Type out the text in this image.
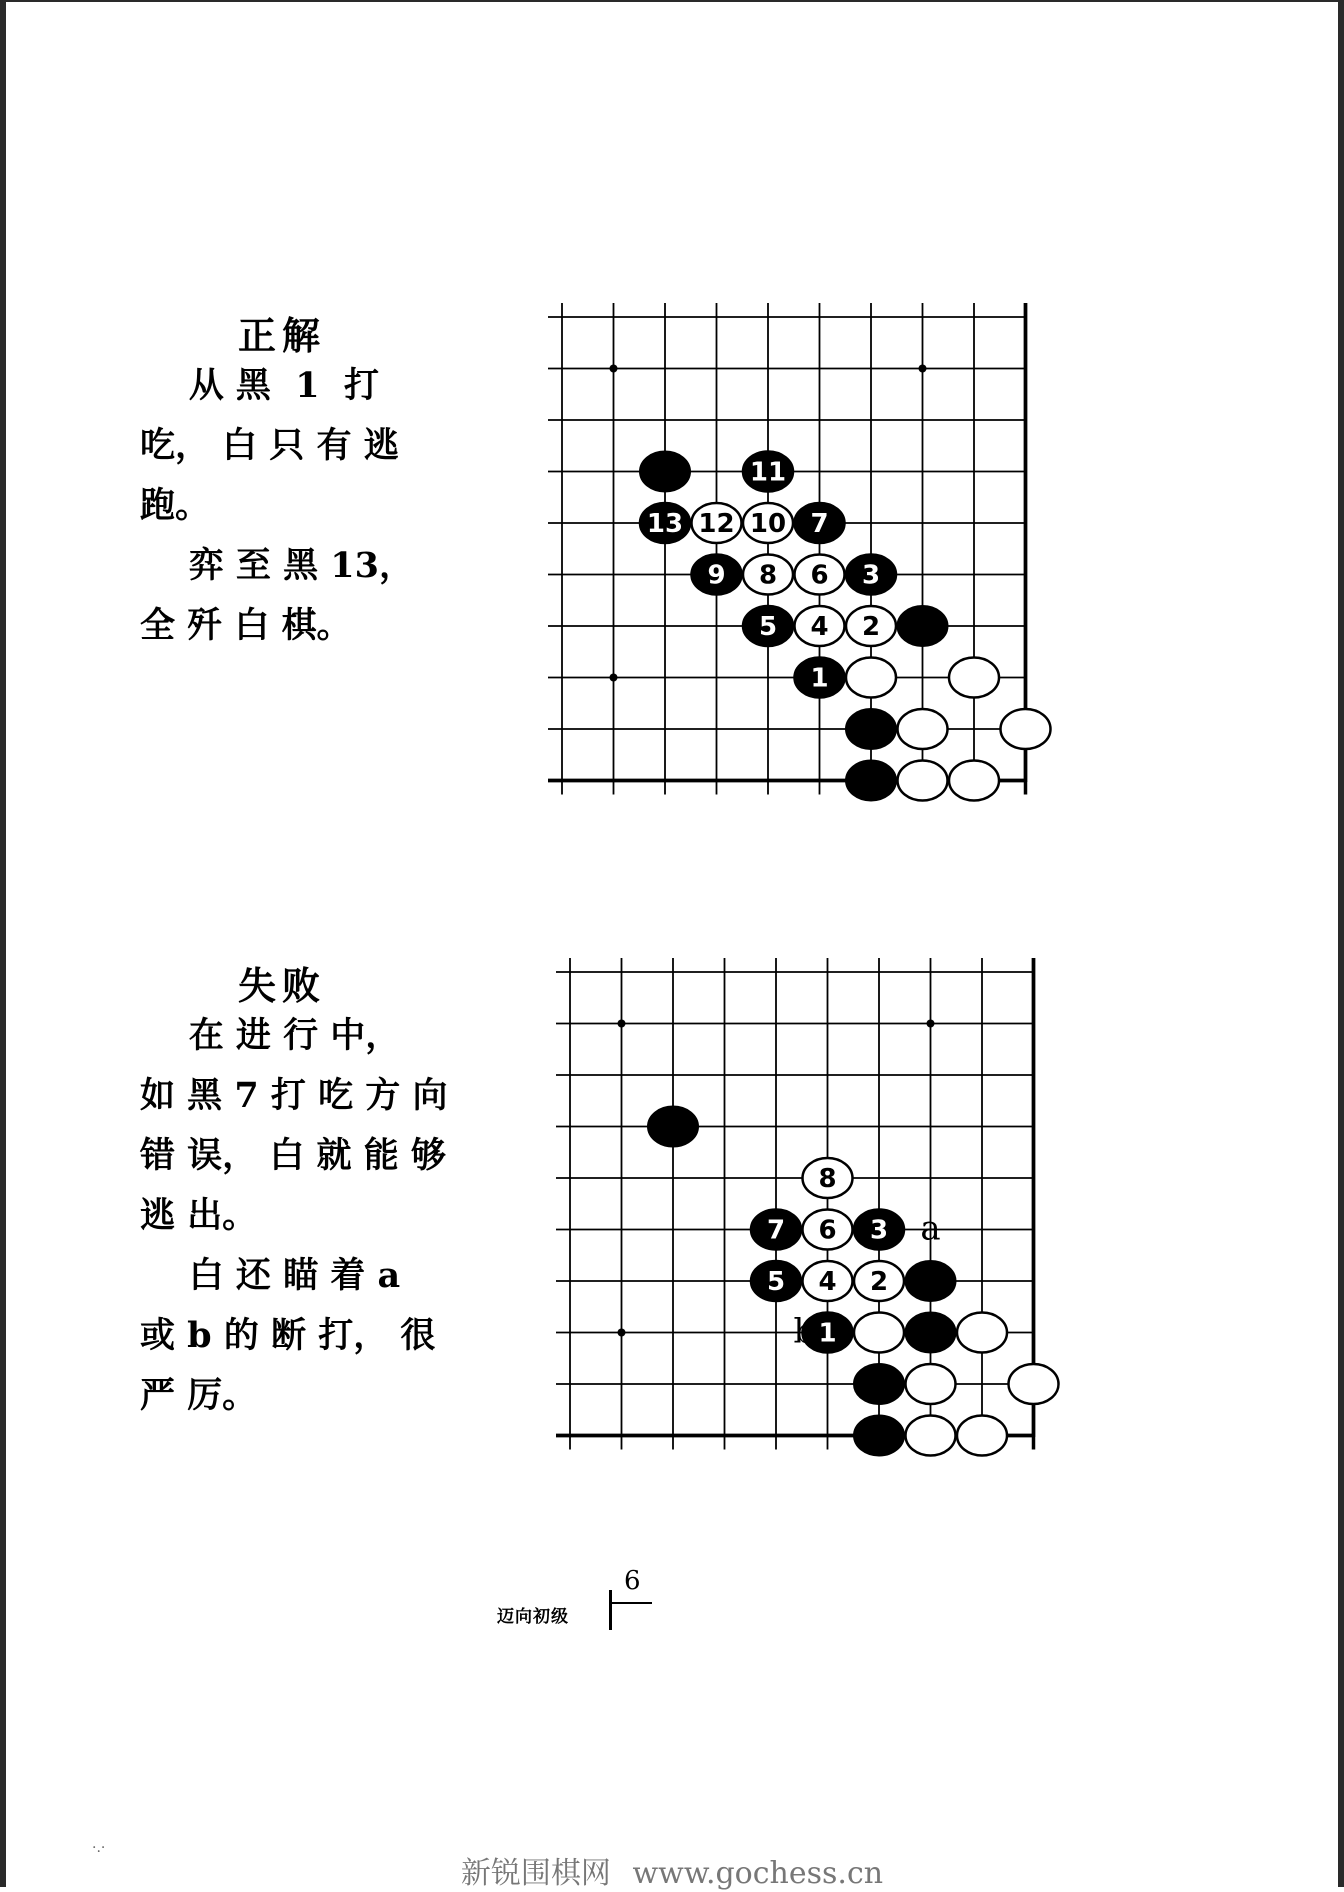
正解
从 黑  1  打
吃， 白 只 有 逃
跑。
弈 至 黑 13，
全 歼 白 棋。
1
2
3
4
5
6
7
8
9
10
11
12
13
失败
在 进 行 中，
如 黑 7 打 吃 方 向
错 误， 白 就 能 够
逃 出。
白 还 瞄 着 a
或 b 的 断 打， 很
严 厉。
1
2
3
4
5
6
7
8
a
b
迈向初级
6
·.·
新锐围棋网 www.gochess.cn
